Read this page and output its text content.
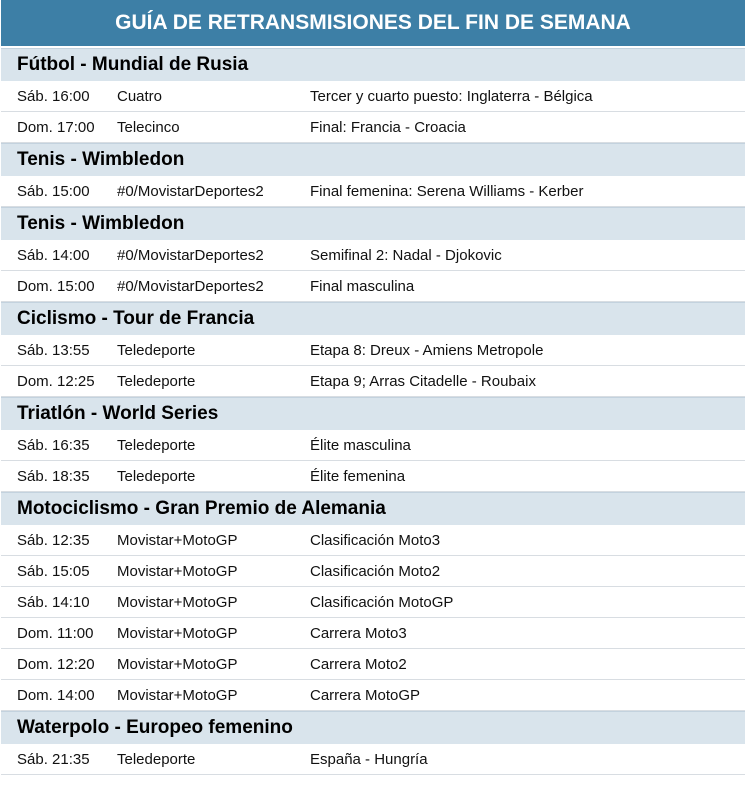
GUÍA DE RETRANSMISIONES DEL FIN DE SEMANA
Fútbol - Mundial de Rusia
Sáb. 16:00	Cuatro	Tercer y cuarto puesto: Inglaterra - Bélgica
Dom. 17:00	Telecinco	Final: Francia - Croacia
Tenis - Wimbledon
Sáb. 15:00	#0/MovistarDeportes2	Final femenina: Serena Williams - Kerber
Tenis - Wimbledon
Sáb. 14:00	#0/MovistarDeportes2	Semifinal 2: Nadal - Djokovic
Dom. 15:00	#0/MovistarDeportes2	Final masculina
Ciclismo - Tour de Francia
Sáb. 13:55	Teledeporte	Etapa 8: Dreux - Amiens Metropole
Dom. 12:25	Teledeporte	Etapa 9; Arras Citadelle - Roubaix
Triatlón - World Series
Sáb. 16:35	Teledeporte	Élite masculina
Sáb. 18:35	Teledeporte	Élite femenina
Motociclismo - Gran Premio de Alemania
Sáb. 12:35	Movistar+MotoGP	Clasificación Moto3
Sáb. 15:05	Movistar+MotoGP	Clasificación Moto2
Sáb. 14:10	Movistar+MotoGP	Clasificación MotoGP
Dom. 11:00	Movistar+MotoGP	Carrera Moto3
Dom. 12:20	Movistar+MotoGP	Carrera Moto2
Dom. 14:00	Movistar+MotoGP	Carrera MotoGP
Waterpolo - Europeo femenino
Sáb. 21:35	Teledeporte	España - Hungría
